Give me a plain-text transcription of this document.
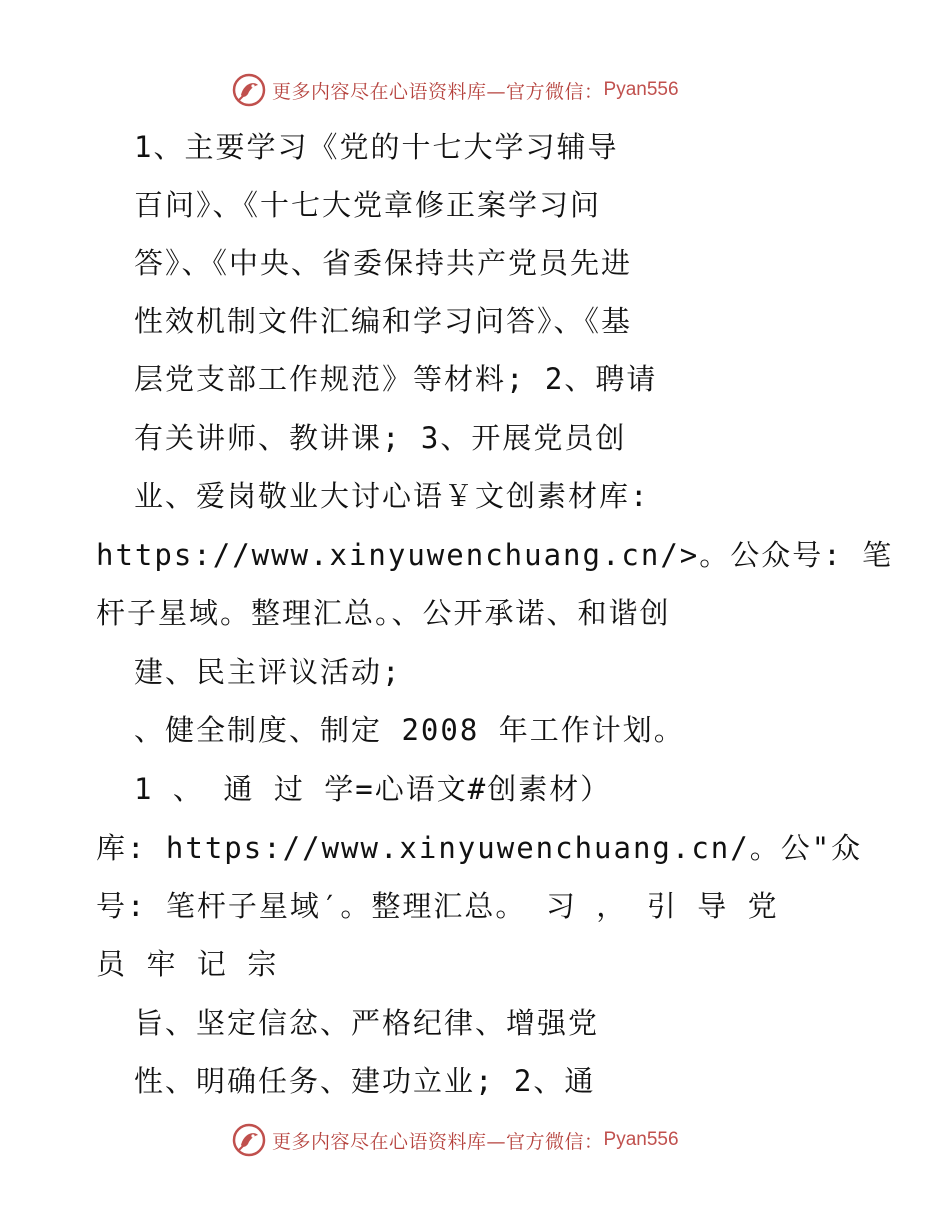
更多内容尽在心语资料库—官方微信： Pyan556
1、主要学习《党的十七大学习辅导
百问》、《十七大党章修正案学习问
答》、《中央、省委保持共产党员先进
性效机制文件汇编和学习问答》、《基
层党支部工作规范》等材料; 2、聘请
有关讲师、教讲课; 3、开展党员创
业、爱岗敬业大讨心语￥文创素材库:
https://www.xinyuwenchuang.cn/>。公众号: 笔
杆子星域。整理汇总。、公开承诺、和谐创
建、民主评议活动;
、健全制度、制定 2008 年工作计划。
1 、 通 过 学=心语文#创素材）
库: https://www.xinyuwenchuang.cn/。公"众
号: 笔杆子星域′。整理汇总。 习 ， 引 导 党
员 牢 记 宗
旨、坚定信忿、严格纪律、增强党
性、明确任务、建功立业; 2、通
更多内容尽在心语资料库—官方微信： Pyan556
